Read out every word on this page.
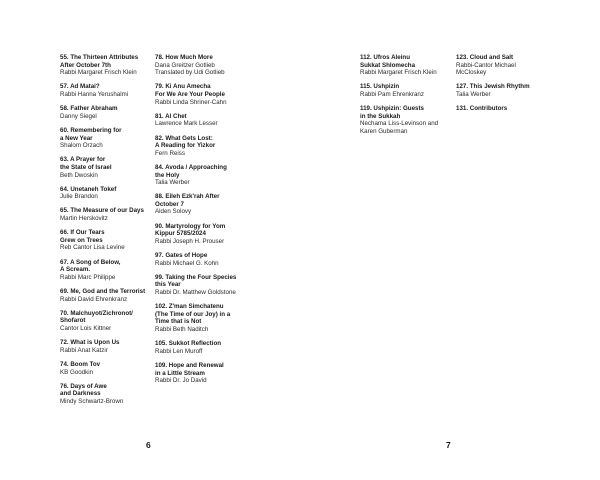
55. The Thirteen Attributes
After October 7th
Rabbi Margaret Frisch Klein
57. Ad Matai?
Rabbi Hanna Yerushalmi
58. Father Abraham
Danny Siegel
60. Remembering for
a New Year
Shalom Orzach
63. A Prayer for
the State of Israel
Beth Dwoskin
64. Unetaneh Tokef
Julie Brandon
65. The Measure of our Days
Martin Herskovitz
66. If Our Tears
Grew on Trees
Reb Cantor Lisa Levine
67. A Song of Below,
A Scream.
Rabbi Marc Philippe
69. Me, God and the Terrorist
Rabbi David Ehrenkranz
70. Malchuyot/Zichronot/
Shofarot
Cantor Lois Kittner
72. What is Upon Us
Rabbi Anat Katzir
74. Boom Tov
KB Goodkin
76. Days of Awe
and Darkness
Mindy Schwartz-Brown
78. How Much More
Dana Greitzer Gotlieb
Translated by Udi Gotlieb
79. Ki Anu Amecha
For We Are Your People
Rabbi Linda Shriner-Cahn
81. Al Chet
Lawrence Mark Lesser
82. What Gets Lost:
A Reading for Yizkor
Fern Reiss
84. Avoda / Approaching
the Holy
Talia Werber
88. Eileh Ezk'rah After
October 7
Alden Solovy
90. Martyrology for Yom
Kippur 5785/2024
Rabbi Joseph H. Prouser
97. Gates of Hope
Rabbi Michael G. Kohn
99. Taking the Four Species
this Year
Rabbi Dr. Matthew Goldstone
102. Z'man Simchatenu
(The Time of our Joy) in a
Time that is Not
Rabbi Beth Naditch
105. Sukkot Reflection
Rabbi Len Muroff
109. Hope and Renewal
in a Little Stream
Rabbi Dr. Jo David
112. Ufros Aleinu
Sukkat Shlomecha
Rabbi Margaret Frisch Klein
115. Ushpizin
Rabbi Pam Ehrenkranz
119. Ushpizin: Guests
in the Sukkah
Nechama Liss-Levinson and
Karen Guberman
123. Cloud and Salt
Rabbi-Cantor Michael
McCloskey
127. This Jewish Rhythm
Talia Werber
131. Contributors
6	7
